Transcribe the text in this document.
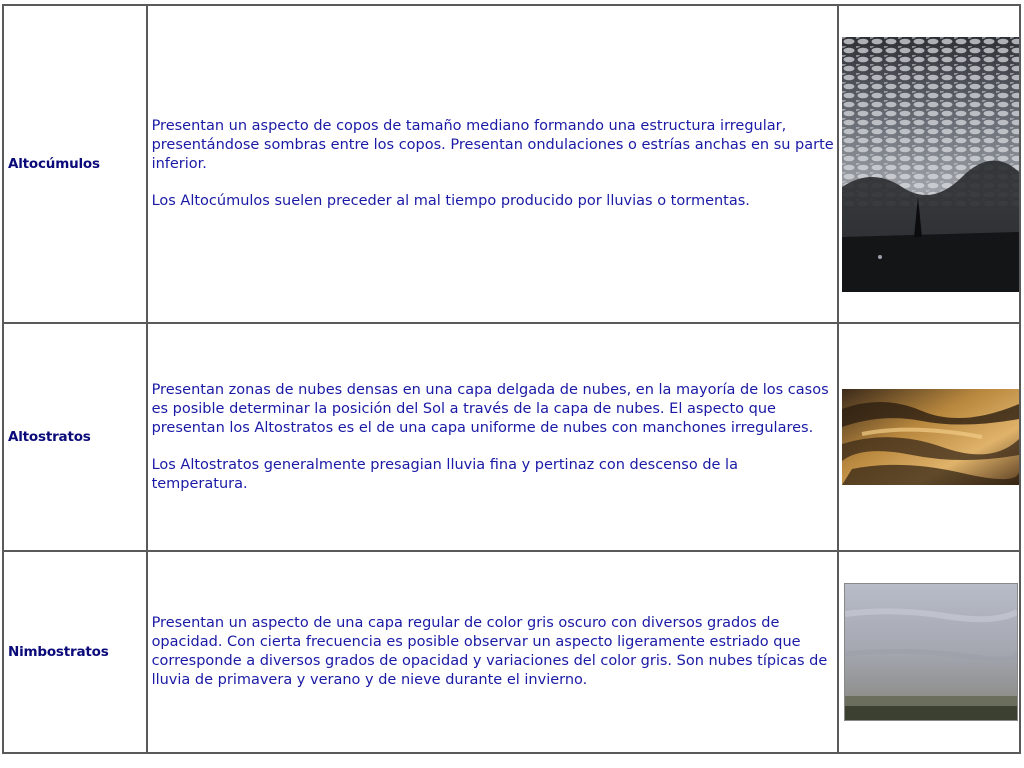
Altocúmulos	Presentan un aspecto de copos de tamaño mediano formando una estructura irregular, presentándose sombras entre los copos. Presentan ondulaciones o estrías anchas en su parte inferior.

Los Altocúmulos suelen preceder al mal tiempo producido por lluvias o tormentas.

Altostratos	Presentan zonas de nubes densas en una capa delgada de nubes, en la mayoría de los casos es posible determinar la posición del Sol a través de la capa de nubes. El aspecto que presentan los Altostratos es el de una capa uniforme de nubes con manchones irregulares.

Los Altostratos generalmente presagian lluvia fina y pertinaz con descenso de la temperatura.

Nimbostratos	Presentan un aspecto de una capa regular de color gris oscuro con diversos grados de opacidad. Con cierta frecuencia es posible observar un aspecto ligeramente estriado que corresponde a diversos grados de opacidad y variaciones del color gris. Son nubes típicas de lluvia de primavera y verano y de nieve durante el invierno.
